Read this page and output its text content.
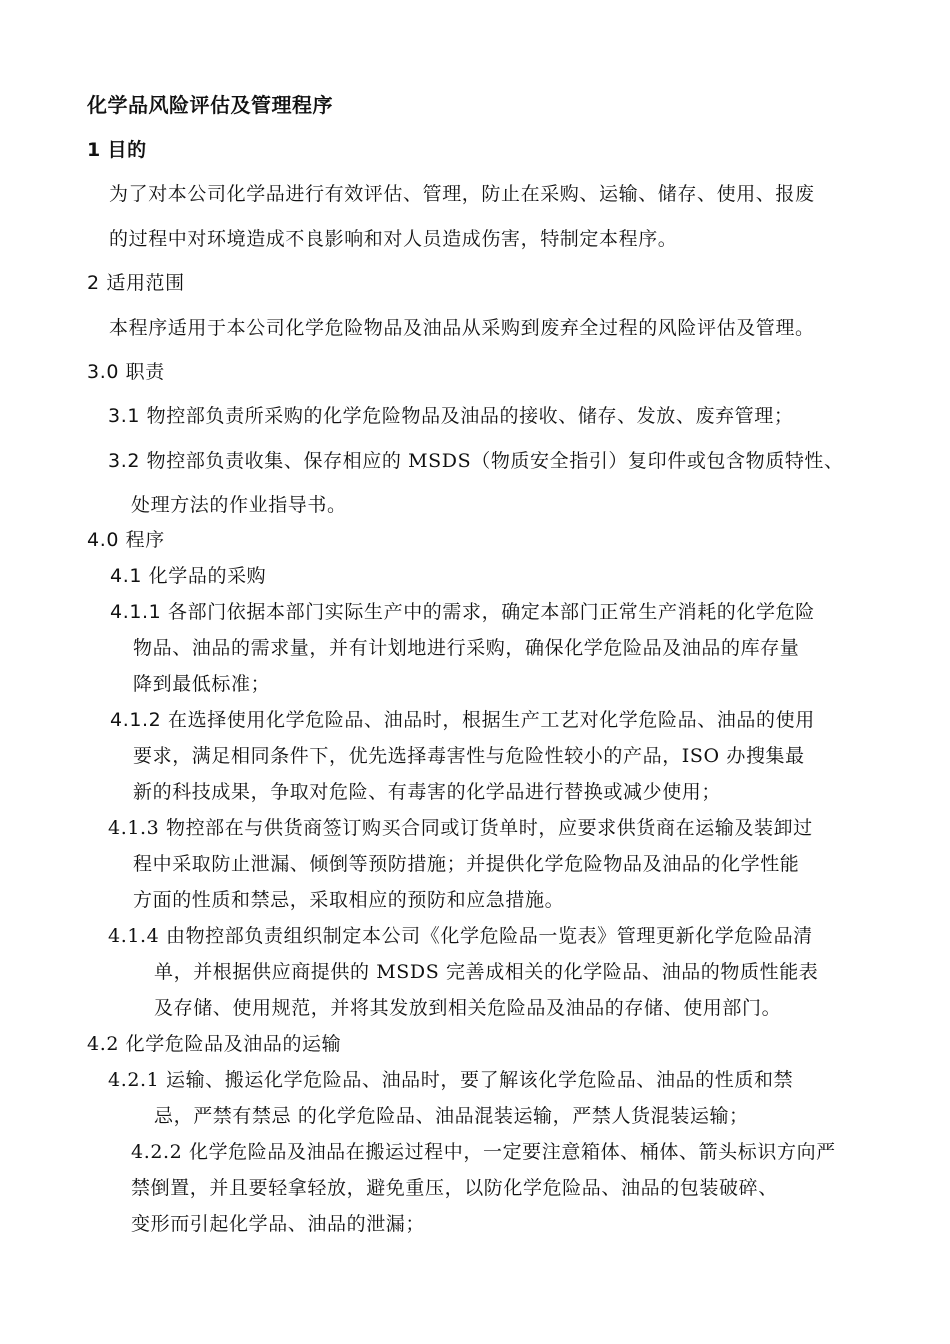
化学品风险评估及管理程序
1 目的
为了对本公司化学品进行有效评估、管理，防止在采购、运输、储存、使用、报废
的过程中对环境造成不良影响和对人员造成伤害，特制定本程序。
2 适用范围
本程序适用于本公司化学危险物品及油品从采购到废弃全过程的风险评估及管理。
3.0 职责
3.1 物控部负责所采购的化学危险物品及油品的接收、储存、发放、废弃管理；
3.2 物控部负责收集、保存相应的 MSDS（物质安全指引）复印件或包含物质特性、
处理方法的作业指导书。
4.0 程序
4.1 化学品的采购
4.1.1 各部门依据本部门实际生产中的需求，确定本部门正常生产消耗的化学危险
物品、油品的需求量，并有计划地进行采购，确保化学危险品及油品的库存量
降到最低标准；
4.1.2 在选择使用化学危险品、油品时，根据生产工艺对化学危险品、油品的使用
要求，满足相同条件下，优先选择毒害性与危险性较小的产品，ISO 办搜集最
新的科技成果，争取对危险、有毒害的化学品进行替换或减少使用；
4.1.3 物控部在与供货商签订购买合同或订货单时，应要求供货商在运输及装卸过
程中采取防止泄漏、倾倒等预防措施；并提供化学危险物品及油品的化学性能
方面的性质和禁忌，采取相应的预防和应急措施。
4.1.4 由物控部负责组织制定本公司《化学危险品一览表》管理更新化学危险品清
单，并根据供应商提供的 MSDS 完善成相关的化学险品、油品的物质性能表
及存储、使用规范，并将其发放到相关危险品及油品的存储、使用部门。
4.2 化学危险品及油品的运输
4.2.1 运输、搬运化学危险品、油品时，要了解该化学危险品、油品的性质和禁
忌，严禁有禁忌 的化学危险品、油品混装运输，严禁人货混装运输；
4.2.2 化学危险品及油品在搬运过程中，一定要注意箱体、桶体、箭头标识方向严
禁倒置，并且要轻拿轻放，避免重压，以防化学危险品、油品的包装破碎、
变形而引起化学品、油品的泄漏；
